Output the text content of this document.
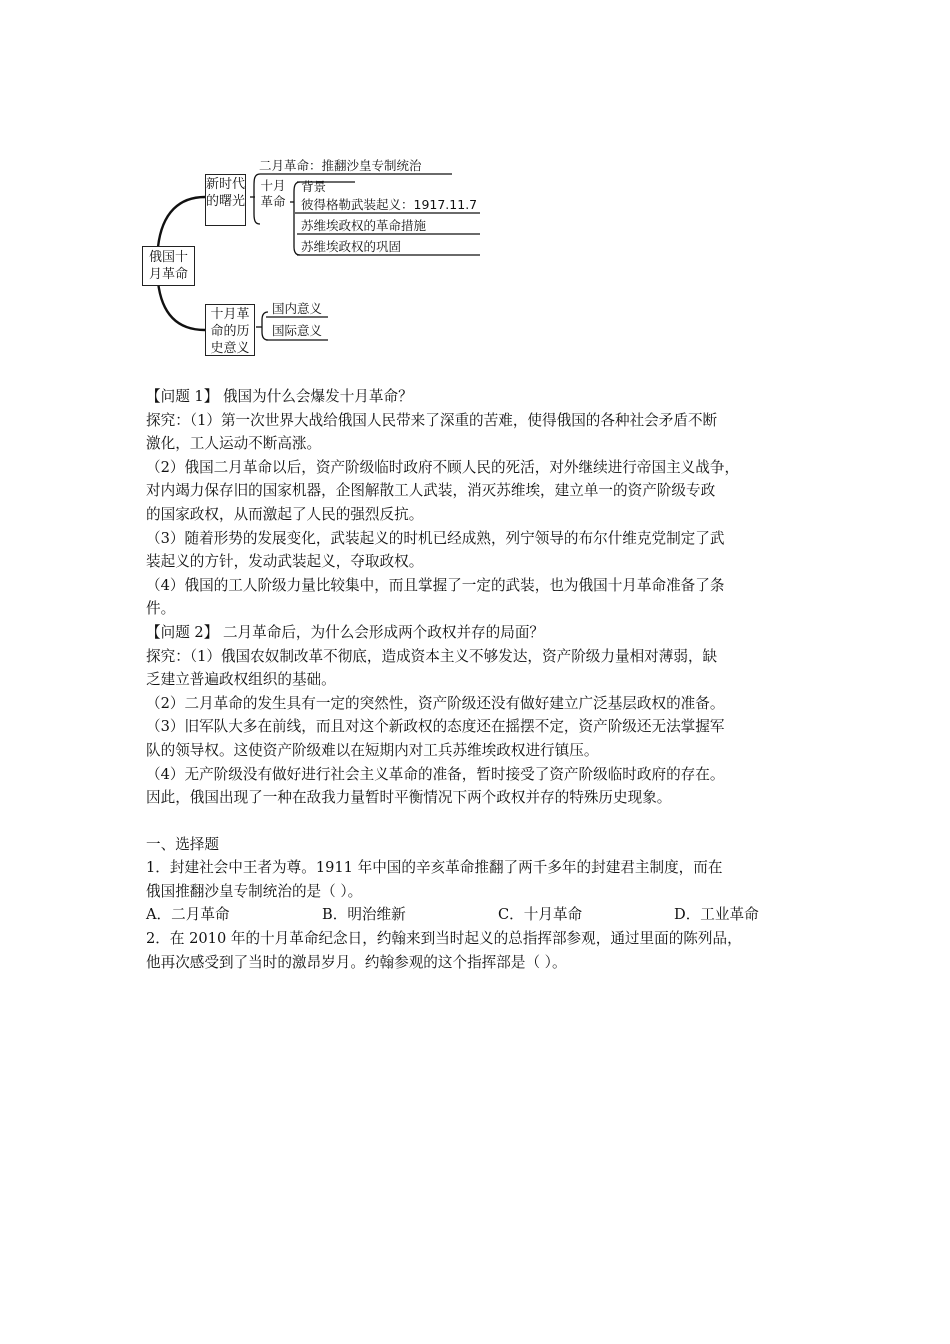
俄国十月革命
新时代的曙光
二月革命：推翻沙皇专制统治
十月革命
背景
彼得格勒武装起义：1917.11.7
苏维埃政权的革命措施
苏维埃政权的巩固
十月革命的历史意义
国内意义
国际意义

【问题 1】 俄国为什么会爆发十月革命？

探究：（1）第一次世界大战给俄国人民带来了深重的苦难，使得俄国的各种社会矛盾不断

激化，工人运动不断高涨。

（2）俄国二月革命以后，资产阶级临时政府不顾人民的死活，对外继续进行帝国主义战争，

对内竭力保存旧的国家机器，企图解散工人武装，消灭苏维埃，建立单一的资产阶级专政

的国家政权，从而激起了人民的强烈反抗。

（3）随着形势的发展变化，武装起义的时机已经成熟，列宁领导的布尔什维克党制定了武

装起义的方针，发动武装起义，夺取政权。

（4）俄国的工人阶级力量比较集中，而且掌握了一定的武装，也为俄国十月革命准备了条

件。

【问题 2】 二月革命后，为什么会形成两个政权并存的局面？

探究：（1）俄国农奴制改革不彻底，造成资本主义不够发达，资产阶级力量相对薄弱，缺

乏建立普遍政权组织的基础。

（2）二月革命的发生具有一定的突然性，资产阶级还没有做好建立广泛基层政权的准备。

（3）旧军队大多在前线，而且对这个新政权的态度还在摇摆不定，资产阶级还无法掌握军

队的领导权。这使资产阶级难以在短期内对工兵苏维埃政权进行镇压。

（4）无产阶级没有做好进行社会主义革命的准备，暂时接受了资产阶级临时政府的存在。

因此，俄国出现了一种在敌我力量暂时平衡情况下两个政权并存的特殊历史现象。

一、选择题

1．封建社会中王者为尊。1911 年中国的辛亥革命推翻了两千多年的封建君主制度，而在

俄国推翻沙皇专制统治的是（ ）。

A．二月革命	B．明治维新	C．十月革命	D．工业革命

2．在 2010 年的十月革命纪念日，约翰来到当时起义的总指挥部参观，通过里面的陈列品，

他再次感受到了当时的激昂岁月。约翰参观的这个指挥部是（ ）。
